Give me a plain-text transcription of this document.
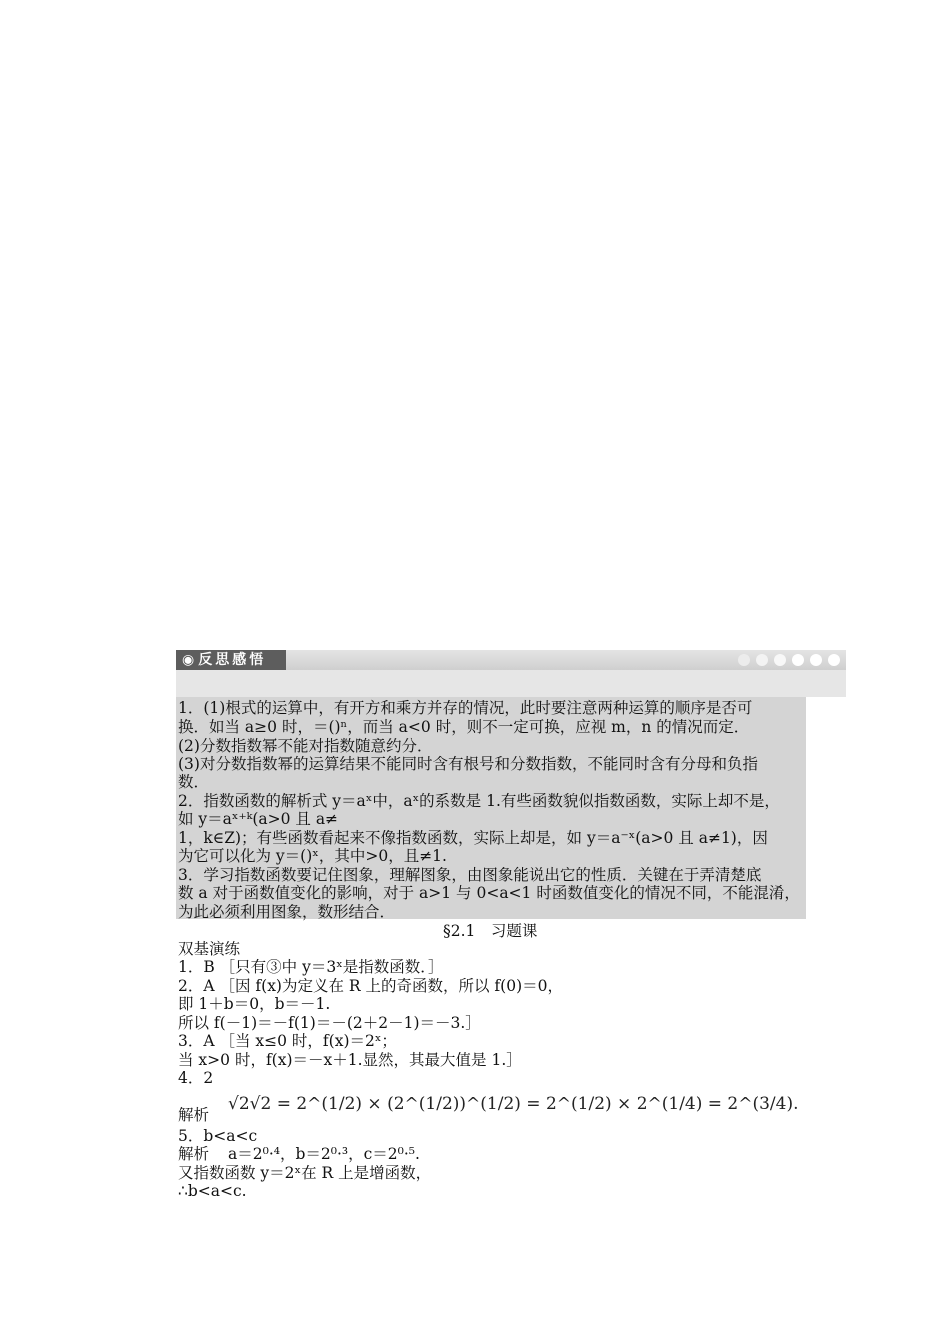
◉ 反思感悟
1．(1)根式的运算中，有开方和乘方并存的情况，此时要注意两种运算的顺序是否可
换．如当 a≥0 时，＝()ⁿ，而当 a<0 时，则不一定可换，应视 m，n 的情况而定．
(2)分数指数幂不能对指数随意约分．
(3)对分数指数幂的运算结果不能同时含有根号和分数指数，不能同时含有分母和负指
数．
2．指数函数的解析式 y＝aˣ中，aˣ的系数是 1.有些函数貌似指数函数，实际上却不是，
如 y＝aˣ⁺ᵏ(a>0 且 a≠
1，k∈Z)；有些函数看起来不像指数函数，实际上却是，如 y＝a⁻ˣ(a>0 且 a≠1)，因
为它可以化为 y＝()ˣ，其中>0，且≠1.
3．学习指数函数要记住图象，理解图象，由图象能说出它的性质．关键在于弄清楚底
数 a 对于函数值变化的影响，对于 a>1 与 0<a<1 时函数值变化的情况不同，不能混淆，
为此必须利用图象，数形结合．
§2.1　习题课
双基演练
1．B ［只有③中 y＝3ˣ是指数函数．］
2．A ［因 f(x)为定义在 R 上的奇函数，所以 f(0)＝0，
即 1＋b＝0，b＝－1.
所以 f(－1)＝－f(1)＝－(2＋2－1)＝－3.］
3．A ［当 x≤0 时，f(x)＝2ˣ；
当 x>0 时，f(x)＝－x＋1.显然，其最大值是 1.］
4．2
解析
√2√2 = 2^(1/2) × (2^(1/2))^(1/2) = 2^(1/2) × 2^(1/4) = 2^(3/4).
5．b<a<c
解析 a＝2⁰·⁴，b＝2⁰·³，c＝2⁰·⁵.
又指数函数 y＝2ˣ在 R 上是增函数，
∴b<a<c.
